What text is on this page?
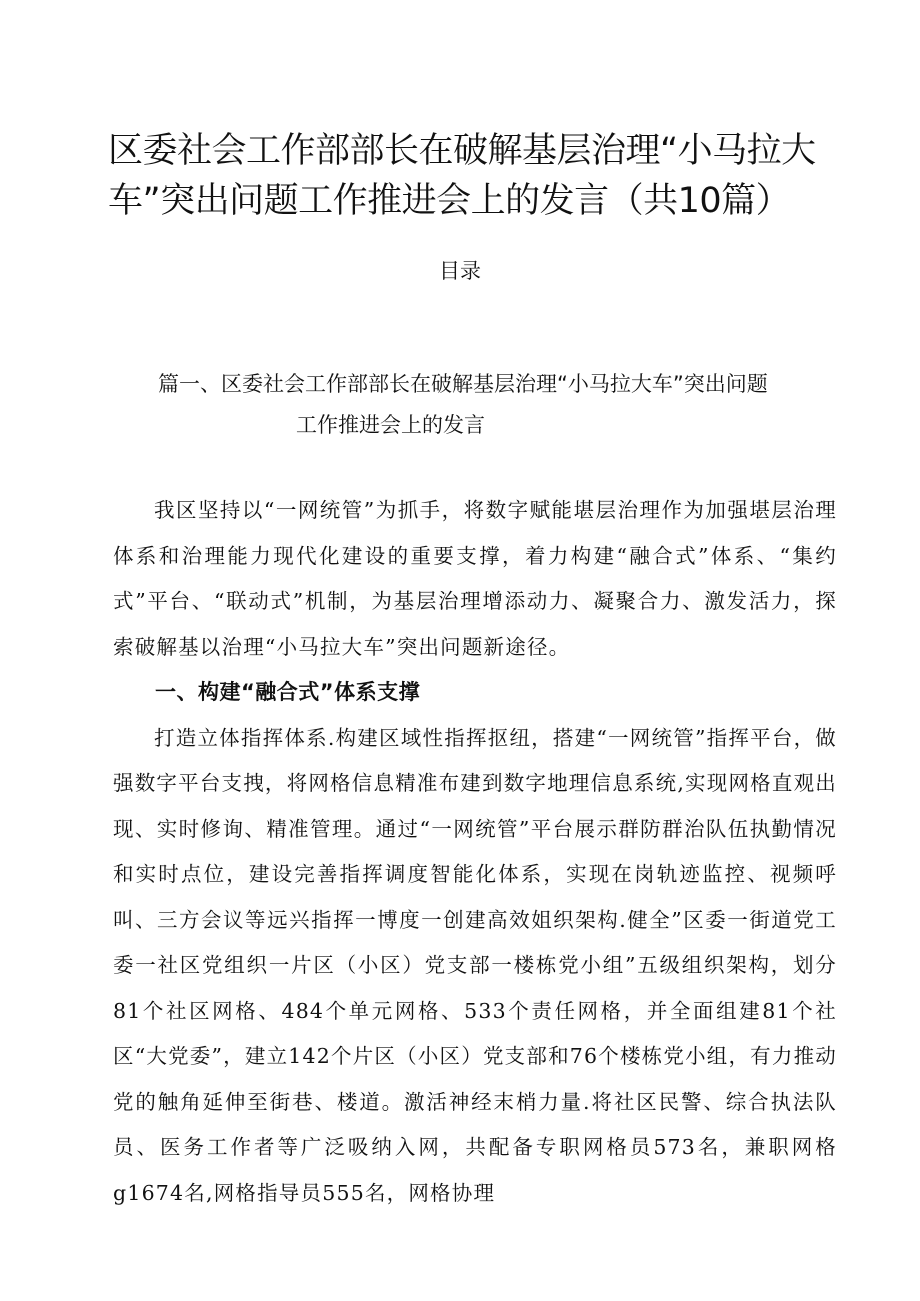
区委社会工作部部长在破解基层治理“小马拉大
车”突出问题工作推进会上的发言（共10篇）
目录
篇一、区委社会工作部部长在破解基层治理“小马拉大车”突出问题
工作推进会上的发言

我区坚持以“一网统管”为抓手，将数字赋能堪层治理作为加强堪层治理体系和治理能力现代化建设的重要支撑，着力构建“融合式”体系、“集约式”平台、“联动式”机制，为基层治理增添动力、凝聚合力、激发活力，探索破解基以治理“小马拉大车”突出问题新途径。

一、构建“融合式”体系支撑

打造立体指挥体系.构建区域性指挥抠纽，搭建“一网统管”指挥平台，做强数字平台支拽，将网格信息精准布建到数字地理信息系统,实现网格直观出现、实时修询、精准管理。通过“一网统管”平台展示群防群治队伍执勤情况和实时点位，建设完善指挥调度智能化体系，实现在岗轨迹监控、视频呼叫、三方会议等远兴指挥一博度一创建高效姐织架构.健全”区委一街道党工委一社区党组织一片区（小区）党支部一楼栋党小组”五级组织架构，划分81个社区网格、484个单元网格、533个责任网格，并全面组建81个社区“大党委”，建立142个片区（小区）党支部和76个楼栋党小组，有力推动党的触角延伸至街巷、楼道。激活神经末梢力量.将社区民警、综合执法队员、医务工作者等广泛吸纳入网，共配备专职网格员573名，兼职网格g1674名,网格指导员555名，网格协理
